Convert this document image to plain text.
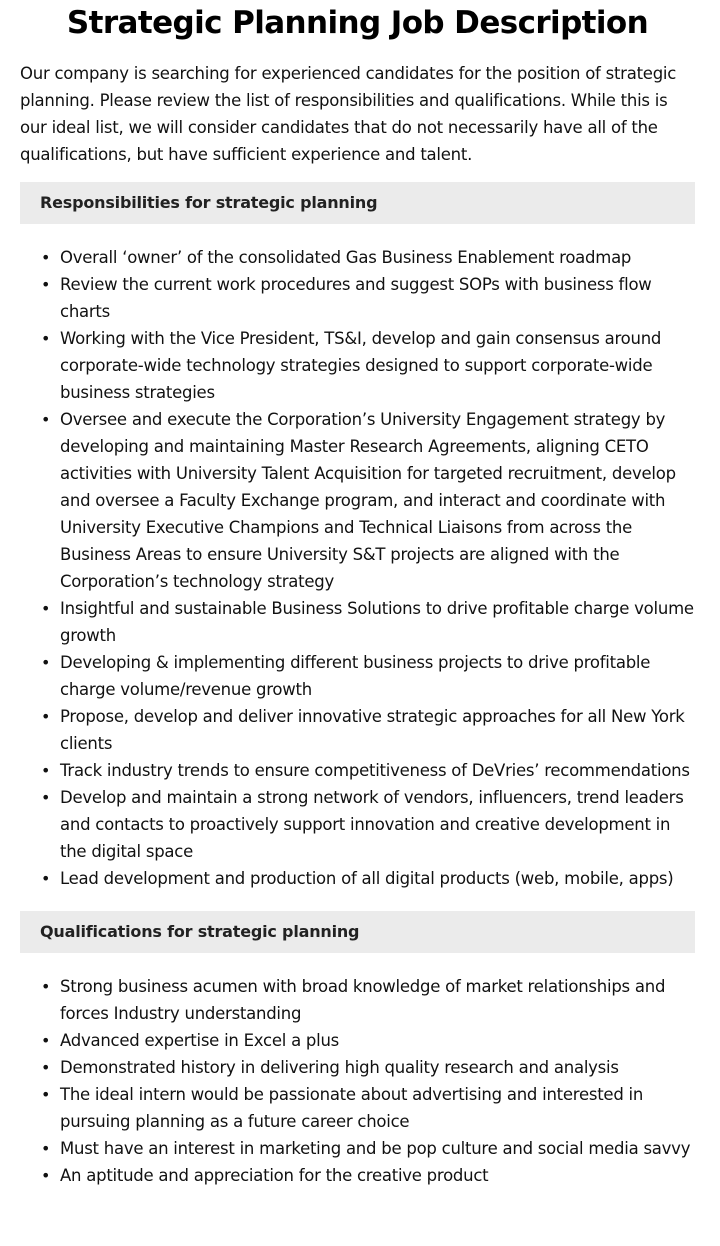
Strategic Planning Job Description

Our company is searching for experienced candidates for the position of strategic planning. Please review the list of responsibilities and qualifications. While this is our ideal list, we will consider candidates that do not necessarily have all of the qualifications, but have sufficient experience and talent.

Responsibilities for strategic planning
• Overall ‘owner’ of the consolidated Gas Business Enablement roadmap
• Review the current work procedures and suggest SOPs with business flow charts
• Working with the Vice President, TS&I, develop and gain consensus around corporate-wide technology strategies designed to support corporate-wide business strategies
• Oversee and execute the Corporation’s University Engagement strategy by developing and maintaining Master Research Agreements, aligning CETO activities with University Talent Acquisition for targeted recruitment, develop and oversee a Faculty Exchange program, and interact and coordinate with University Executive Champions and Technical Liaisons from across the Business Areas to ensure University S&T projects are aligned with the Corporation’s technology strategy
• Insightful and sustainable Business Solutions to drive profitable charge volume growth
• Developing & implementing different business projects to drive profitable charge volume/revenue growth
• Propose, develop and deliver innovative strategic approaches for all New York clients
• Track industry trends to ensure competitiveness of DeVries’ recommendations
• Develop and maintain a strong network of vendors, influencers, trend leaders and contacts to proactively support innovation and creative development in the digital space
• Lead development and production of all digital products (web, mobile, apps)
Qualifications for strategic planning
• Strong business acumen with broad knowledge of market relationships and forces Industry understanding
• Advanced expertise in Excel a plus
• Demonstrated history in delivering high quality research and analysis
• The ideal intern would be passionate about advertising and interested in pursuing planning as a future career choice
• Must have an interest in marketing and be pop culture and social media savvy
• An aptitude and appreciation for the creative product
